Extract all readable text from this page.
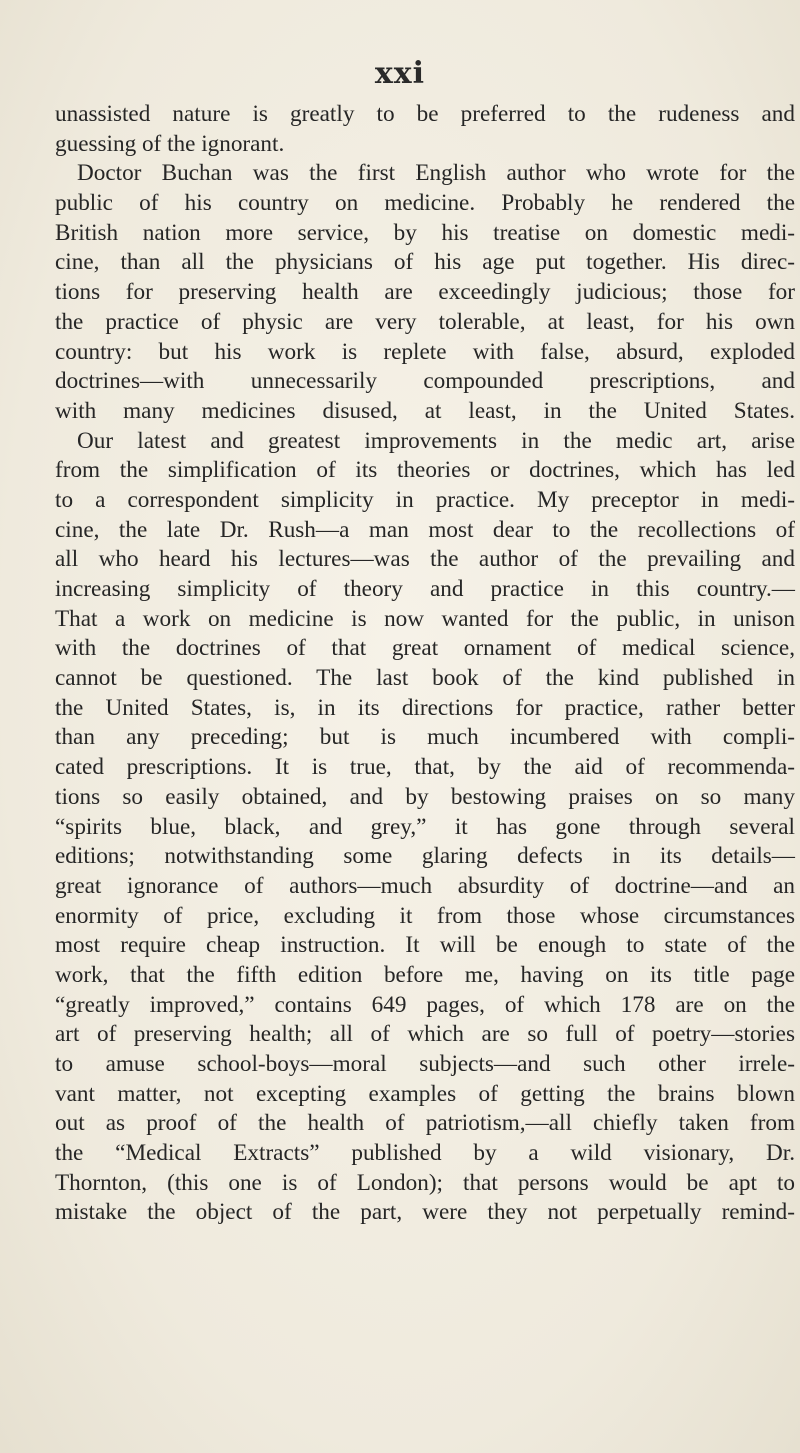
xxi
unassisted nature is greatly to be preferred to the rudeness and
guessing of the ignorant.
Doctor Buchan was the first English author who wrote for the
public of his country on medicine. Probably he rendered the
British nation more service, by his treatise on domestic medi-
cine, than all the physicians of his age put together. His direc-
tions for preserving health are exceedingly judicious; those for
the practice of physic are very tolerable, at least, for his own
country: but his work is replete with false, absurd, exploded
doctrines—with unnecessarily compounded prescriptions, and
with many medicines disused, at least, in the United States.
Our latest and greatest improvements in the medic art, arise
from the simplification of its theories or doctrines, which has led
to a correspondent simplicity in practice. My preceptor in medi-
cine, the late Dr. Rush—a man most dear to the recollections of
all who heard his lectures—was the author of the prevailing and
increasing simplicity of theory and practice in this country.—
That a work on medicine is now wanted for the public, in unison
with the doctrines of that great ornament of medical science,
cannot be questioned. The last book of the kind published in
the United States, is, in its directions for practice, rather better
than any preceding; but is much incumbered with compli-
cated prescriptions. It is true, that, by the aid of recommenda-
tions so easily obtained, and by bestowing praises on so many
“spirits blue, black, and grey,” it has gone through several
editions; notwithstanding some glaring defects in its details—
great ignorance of authors—much absurdity of doctrine—and an
enormity of price, excluding it from those whose circumstances
most require cheap instruction. It will be enough to state of the
work, that the fifth edition before me, having on its title page
“greatly improved,” contains 649 pages, of which 178 are on the
art of preserving health; all of which are so full of poetry—stories
to amuse school-boys—moral subjects—and such other irrele-
vant matter, not excepting examples of getting the brains blown
out as proof of the health of patriotism,—all chiefly taken from
the “Medical Extracts” published by a wild visionary, Dr.
Thornton, (this one is of London); that persons would be apt to
mistake the object of the part, were they not perpetually remind-
